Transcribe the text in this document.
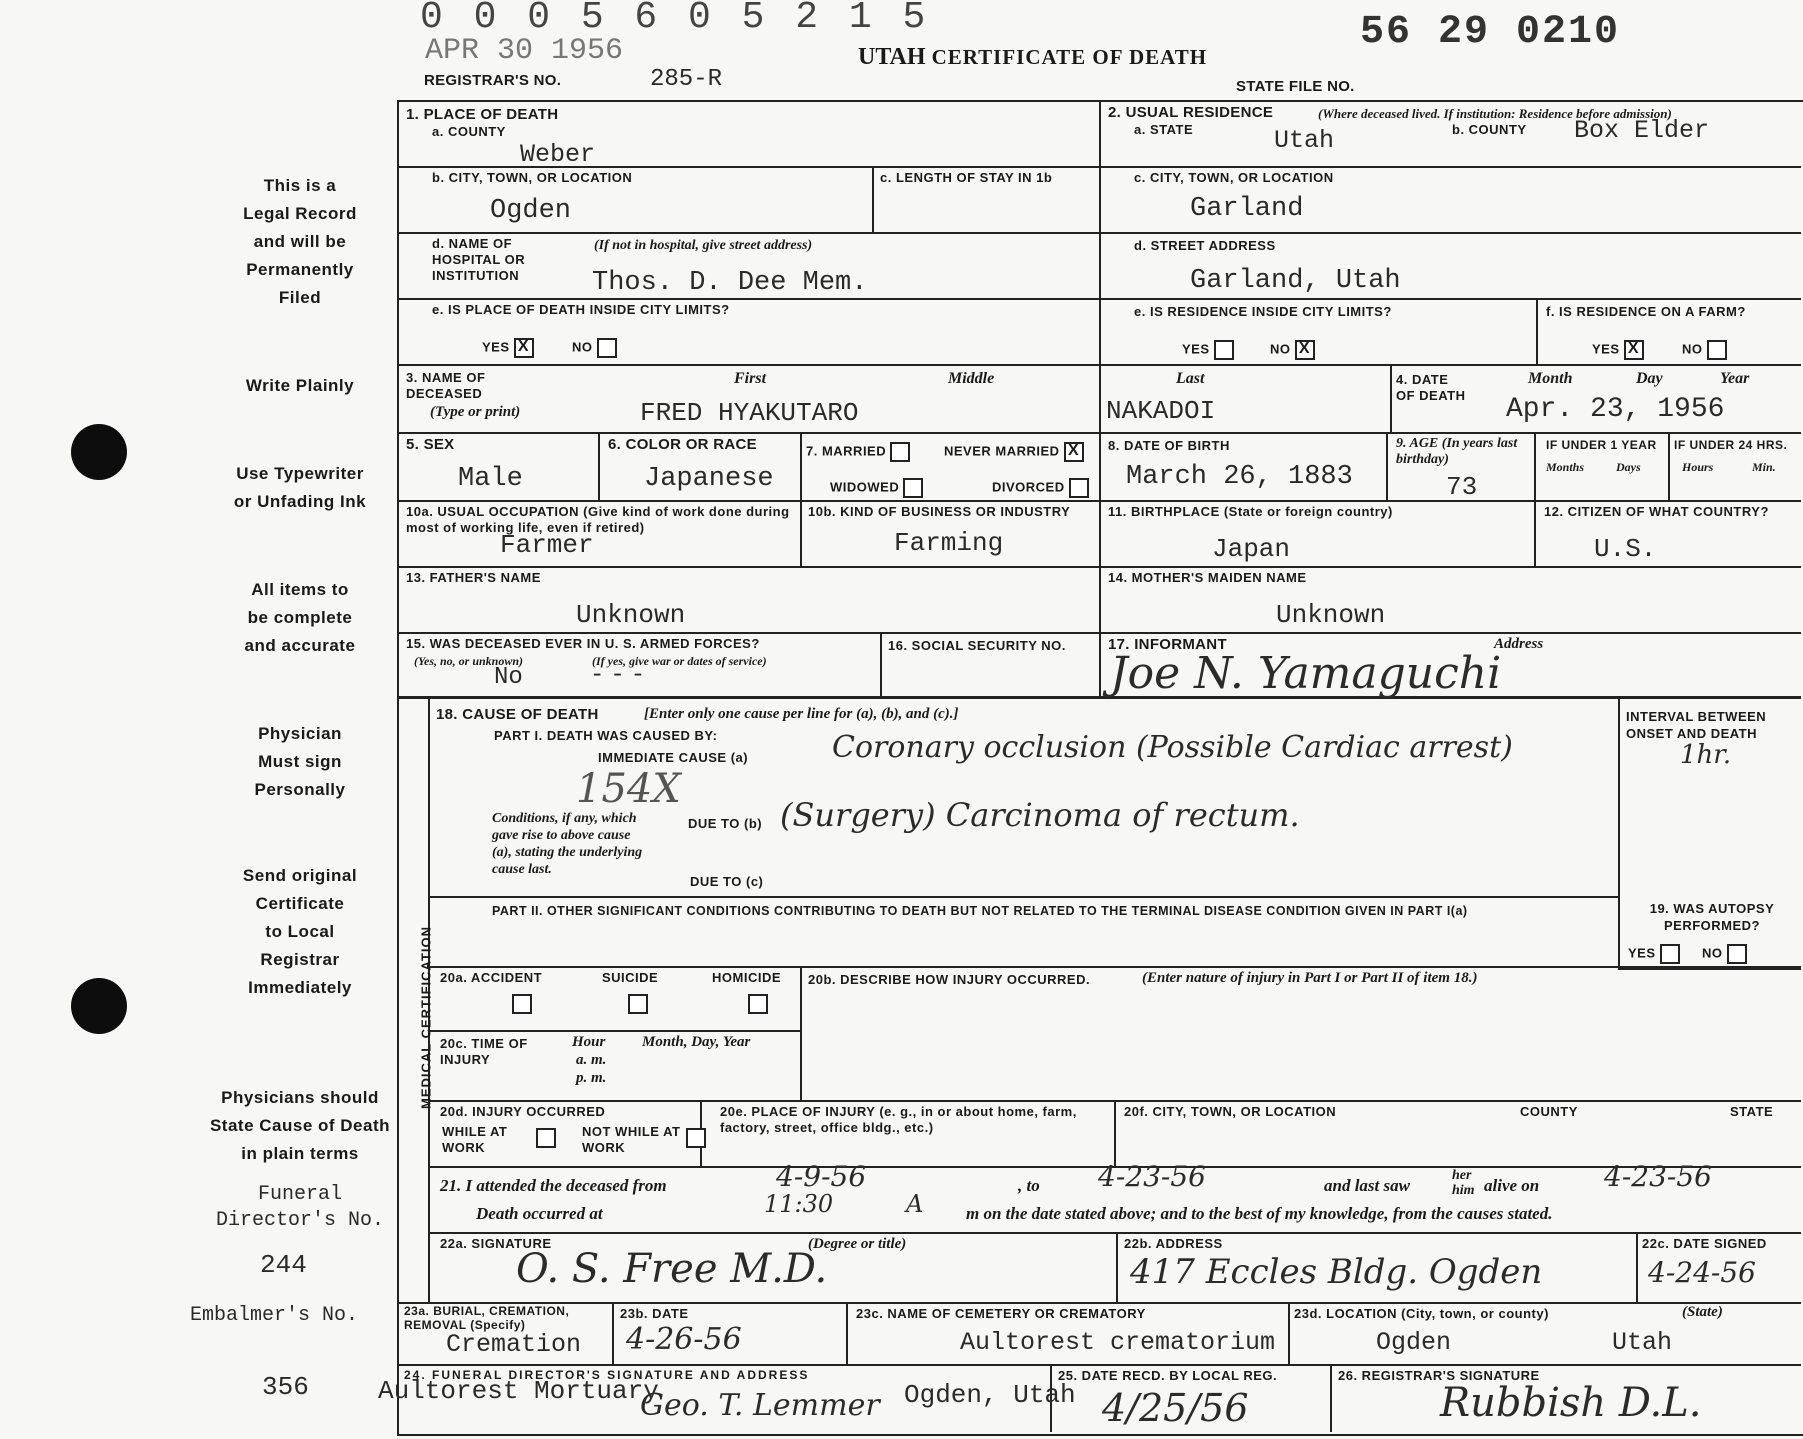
0 0 0 5 6 0 5 2 1 5
APR 30 1956
REGISTRAR'S NO.	285-R
UTAH CERTIFICATE OF DEATH
56 29 0210
STATE FILE NO.
This is a
Legal Record
and will be
Permanently
Filed
Write Plainly
Use Typewriter
or Unfading Ink
All items to
be complete
and accurate
Physician
Must sign
Personally
Send original
Certificate
to Local
Registrar
Immediately
Physicians should
State Cause of Death
in plain terms
Funeral
Director's No.
244
Embalmer's No.
356
1. PLACE OF DEATH
a. COUNTY
Weber
b. CITY, TOWN, OR LOCATION
Ogden
c. LENGTH OF STAY IN 1b
d. NAME OF HOSPITAL OR INSTITUTION
(If not in hospital, give street address)
Thos. D. Dee Mem.
e. IS PLACE OF DEATH INSIDE CITY LIMITS?
YES X	NO
2. USUAL RESIDENCE	(Where deceased lived. If institution: Residence before admission)
a. STATE	Utah	b. COUNTY Box Elder
c. CITY, TOWN, OR LOCATION
Garland
d. STREET ADDRESS
Garland, Utah
e. IS RESIDENCE INSIDE CITY LIMITS?
YES	NO X
f. IS RESIDENCE ON A FARM?
YES X	NO
3. NAME OF DECEASED
(Type or print)
First	Middle	Last
FRED HYAKUTARO	NAKADOI
4. DATE OF DEATH
Month	Day	Year
Apr. 23, 1956
5. SEX
Male
6. COLOR OR RACE
Japanese
7. MARRIED	NEVER MARRIED X
WIDOWED	DIVORCED
8. DATE OF BIRTH
March 26, 1883
9. AGE (In years last birthday)
73
IF UNDER 1 YEAR IF UNDER 24 HRS.
Months	Days	Hours	Min.
10a. USUAL OCCUPATION (Give kind of work done during most of working life, even if retired)
Farmer
10b. KIND OF BUSINESS OR INDUSTRY
Farming
11. BIRTHPLACE (State or foreign country)
Japan
12. CITIZEN OF WHAT COUNTRY?
U.S.
13. FATHER'S NAME
Unknown
14. MOTHER'S MAIDEN NAME
Unknown
15. WAS DECEASED EVER IN U. S. ARMED FORCES?
(Yes, no, or unknown)	(If yes, give war or dates of service)
No	---
16. SOCIAL SECURITY NO.	17. INFORMANT	Address
Joe N. Yamaguchi
MEDICAL CERTIFICATION
18. CAUSE OF DEATH	[Enter only one cause per line for (a), (b), and (c).]
PART I. DEATH WAS CAUSED BY:
IMMEDIATE CAUSE (a)	Coronary occlusion (Possible Cardiac arrest)
INTERVAL BETWEEN ONSET AND DEATH
1hr.
154X
Conditions, if any, which gave rise to above cause (a), stating the underlying cause last.
DUE TO (b) (Surgery) Carcinoma of rectum.
DUE TO (c)
PART II. OTHER SIGNIFICANT CONDITIONS CONTRIBUTING TO DEATH BUT NOT RELATED TO THE TERMINAL DISEASE CONDITION GIVEN IN PART I(a)	19. WAS AUTOPSY PERFORMED?
YES	NO
20a. ACCIDENT	SUICIDE	HOMICIDE 20b. DESCRIBE HOW INJURY OCCURRED.	(Enter nature of injury in Part I or Part II of item 18.)
20c. TIME OF INJURY
Hour
a. m.
p. m.
Month, Day, Year
20d. INJURY OCCURRED
WHILE AT WORK
NOT WHILE AT WORK
20e. PLACE OF INJURY (e. g., in or about home, farm, factory, street, office bldg., etc.)
20f. CITY, TOWN, OR LOCATION	COUNTY	STATE
21. I attended the deceased from	4-9-56	, to 4-23-56	and last saw
her him alive on 4-23-56
Death occurred at	11:30	A	m on the date stated above; and to the best of my knowledge, from the causes stated.
22a. SIGNATURE	(Degree or title)
O. S. Free M.D.
22b. ADDRESS
417 Eccles Bldg. Ogden
22c. DATE SIGNED
4-24-56
23a. BURIAL, CREMATION, REMOVAL (Specify)
Cremation
23b. DATE
4-26-56
23c. NAME OF CEMETERY OR CREMATORY
Aultorest crematorium
23d. LOCATION (City, town, or county)	(State)
Ogden	Utah
24. FUNERAL DIRECTOR'S SIGNATURE AND ADDRESS
Aultorest Mortuary
Geo. T. Lemmer Ogden, Utah
25. DATE RECD. BY LOCAL REG.
4/25/56
26. REGISTRAR'S SIGNATURE
Rubbish D.L.
